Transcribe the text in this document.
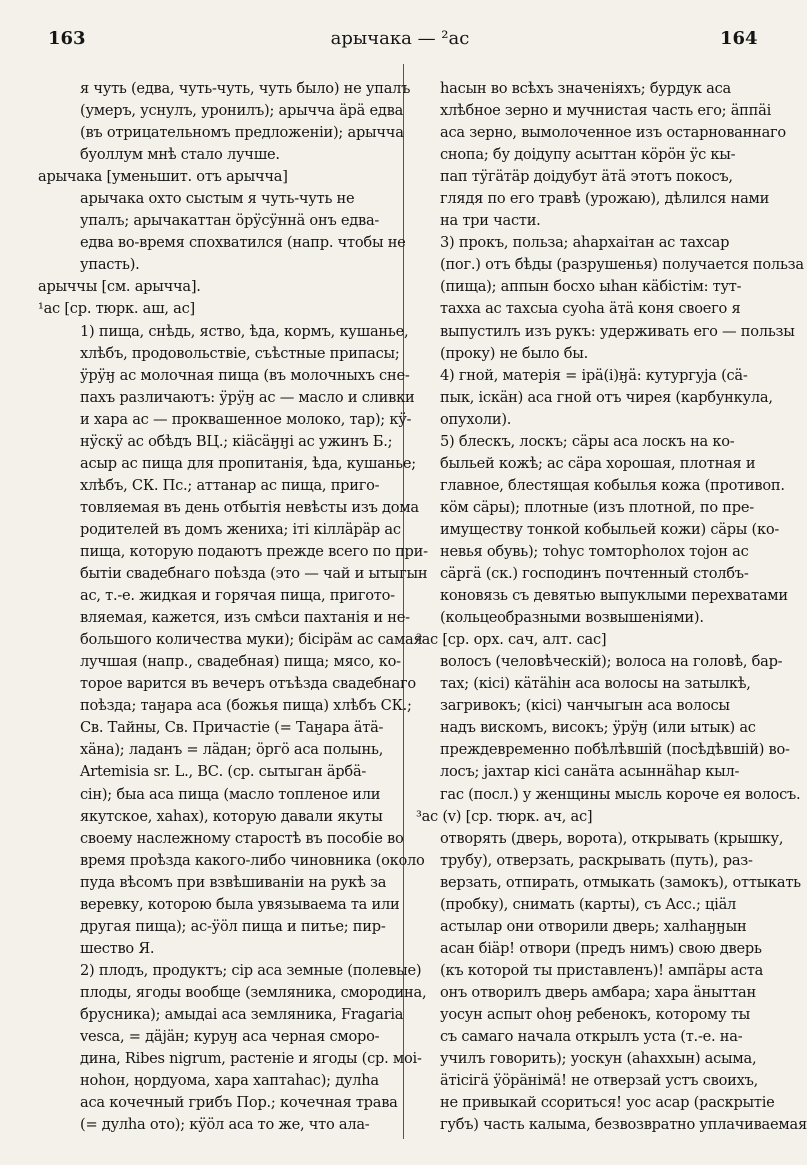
163	арычака — ²ас	164
я чуть (едва, чуть-чуть, чуть было) не упалъ
(умеръ, уснулъ, уронилъ); арычча ӓрӓ едва
(въ отрицательномъ предложеніи); арычча
буоллум мнѣ стало лучше.
арычака [уменьшит. отъ арычча]
арычака охто сыстым я чуть-чуть не
упалъ; арычакаттан ӧрӱсӱннӓ онъ едва-
едва во-время спохватился (напр. чтобы не
упасть).
арыччы [см. арычча].
¹ас [ср. тюрк. аш, ас]
1) пища, снѣдь, яство, ѣда, кормъ, кушанье,
хлѣбъ, продовольствіе, съѣстные припасы;
ӱрӱӈ ас молочная пища (въ молочныхъ сне-
пахъ различаютъ: ӱрӱӈ ас — масло и сливки
и хара ас — проквашенное молоко, тар); кӱ-
нӱскӱ ас обѣдъ ВЦ.; кіäсäӈӈі ас ужинъ Б.;
асыр ас пища для пропитанія, ѣда, кушанье;
хлѣбъ, СК. Пс.; аттанар ас пища, приго-
товляемая въ день отбытія невѣсты изъ дома
родителей въ домъ жениха; іті кіллäрäр ас
пища, которую подаютъ прежде всего по при-
бытіи свадебнаго поѣзда (это — чай и ытыгын
ас, т.-е. жидкая и горячая пища, пригото-
вляемая, кажется, изъ смѣси пахтанія и не-
большого количества муки); бісірäм ас самая
лучшая (напр., свадебная) пища; мясо, ко-
торое варится въ вечеръ отъѣзда свадебнаго
поѣзда; таӈара аса (божья пища) хлѣбъ СК.;
Св. Тайны, Св. Причастіе (= Таӈара äтä-
хäна); ладанъ = лäдан; ӧргӧ аса полынь,
Artemisia sr. L., ВС. (ср. сытыган äрбä-
сін); быа аса пища (масло топленое или
якутское, хаһах), которую давали якуты
своему наслежному старостѣ въ пособіе во
время проѣзда какого-либо чиновника (около
пуда вѣсомъ при взвѣшиваніи на рукѣ за
веревку, которою была увязываема та или
другая пища); ас-ӱӧл пища и питье; пир-
шество Я.
2) плодъ, продуктъ; сір аса земные (полевые)
плоды, ягоды вообще (земляника, смородина,
брусника); амыдаі аса земляника, Fragaria
vesca, = дäјäн; куруӈ аса черная сморо-
дина, Ribes nigrum, растеніе и ягоды (ср. моі-
ноһон, ңордуома, хара хаптаһас); дулһа
аса кочечный грибъ Пор.; кочечная трава
(= дулһа ото); кӱӧл аса то же, что ала-
һасын во всѣхъ значеніяхъ; бурдук аса
хлѣбное зерно и мучнистая часть его; äппäі
аса зерно, вымолоченное изъ остарнованнаго
снопа; бу доідупу асыттан кӧрӧн ӱс кы-
пап тӱгäтäр доідубут äтä этотъ покосъ,
глядя по его травѣ (урожаю), дѣлился нами
на три части.
3) прокъ, польза; аһархаітан ас тахсар
(пог.) отъ бѣды (разрушенья) получается польза
(пища); аппын босхо ыһан кäбістім: тут-
тахха ас тахсыа суоһа äтä коня своего я
выпустилъ изъ рукъ: удерживать его — пользы
(проку) не было бы.
4) гной, матерія = ірä(і)ӈä: кутургуја (сä-
пык, іскäн) аса гной отъ чирея (карбункула,
опухоли).
5) блескъ, лоскъ; сäры аса лоскъ на ко-
быльей кожѣ; ас сäра хорошая, плотная и
главное, блестящая кобылья кожа (противоп.
кӧм сäры); плотные (изъ плотной, по пре-
имуществу тонкой кобыльей кожи) сäры (ко-
невья обувь); тоһус томторһолох тојон ас
сäргä (ск.) господинъ почтенный столбъ-
коновязь съ девятью выпуклыми перехватами
(кольцеобразными возвышеніями).
²ас [ср. орх. сач, алт. сас]
волосъ (человѣческій); волоса на головѣ, бар-
тах; (кісі) кäтäһін аса волосы на затылкѣ,
загривокъ; (кісі) чанчыгын аса волосы
надъ вискомъ, високъ; ӱрӱӈ (или ытык) ас
преждевременно побѣлѣвшій (посѣдѣвшій) во-
лосъ; јахтар кісі санäта асыннäһар кыл-
гас (посл.) у женщины мысль короче ея волосъ.
³ас (v) [ср. тюрк. ач, ас]
отворять (дверь, ворота), открывать (крышку,
трубу), отверзать, раскрывать (путь), раз-
верзать, отпирать, отмыкать (замокъ), оттыкать
(пробку), снимать (карты), съ Acc.; ціäл
астылар они отворили дверь; халһаӈӈын
асан біäр! отвори (предъ нимъ) свою дверь
(къ которой ты приставленъ)! ампäры аста
онъ отворилъ дверь амбара; хара äныттан
уосун аспыт оһоӈ ребенокъ, которому ты
съ самаго начала открылъ уста (т.-е. на-
училъ говорить); уоскун (аһаххын) асыма,
äтісігä ӱӧрäнімä! не отверзай устъ своихъ,
не привыкай ссориться! уос асар (раскрытіе
губъ) часть калыма, безвозвратно уплачиваемая
